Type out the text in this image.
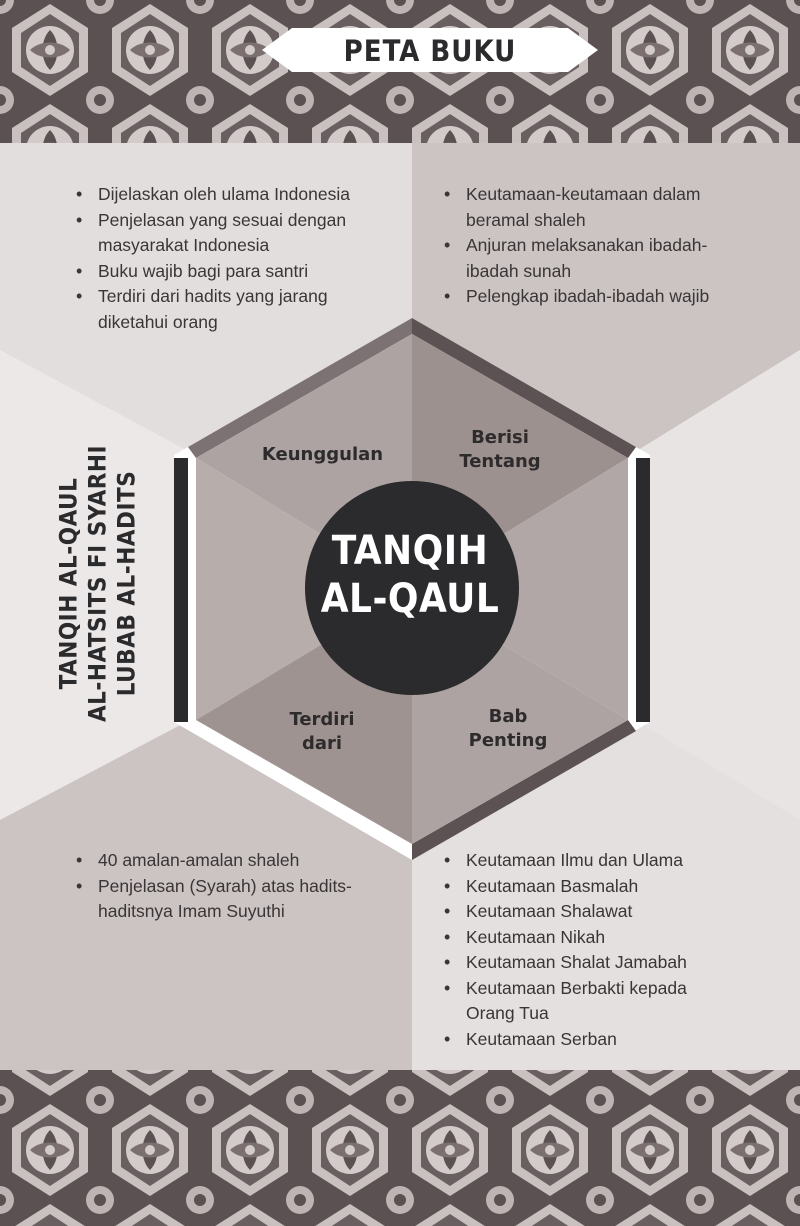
PETA BUKU
TANQIH AL-QAUL AL-HATSITS FI SYARHI LUBAB AL-HADITS	TANQIH
AL-QAUL
Keunggulan
Berisi
Tentang
Terdiri
dari
Bab
Penting
• Dijelaskan oleh ulama Indonesia
• Penjelasan yang sesuai dengan masyarakat Indonesia
• Buku wajib bagi para santri
• Terdiri dari hadits yang jarang diketahui orang
• Keutamaan-keutamaan dalam beramal shaleh
• Anjuran melaksanakan ibadah-ibadah sunah
• Pelengkap ibadah-ibadah wajib
• 40 amalan-amalan shaleh
• Penjelasan (Syarah) atas hadits-haditsnya Imam Suyuthi
• Keutamaan Ilmu dan Ulama
• Keutamaan Basmalah
• Keutamaan Shalawat
• Keutamaan Nikah
• Keutamaan Shalat Jamabah
• Keutamaan Berbakti kepada Orang Tua
• Keutamaan Serban
